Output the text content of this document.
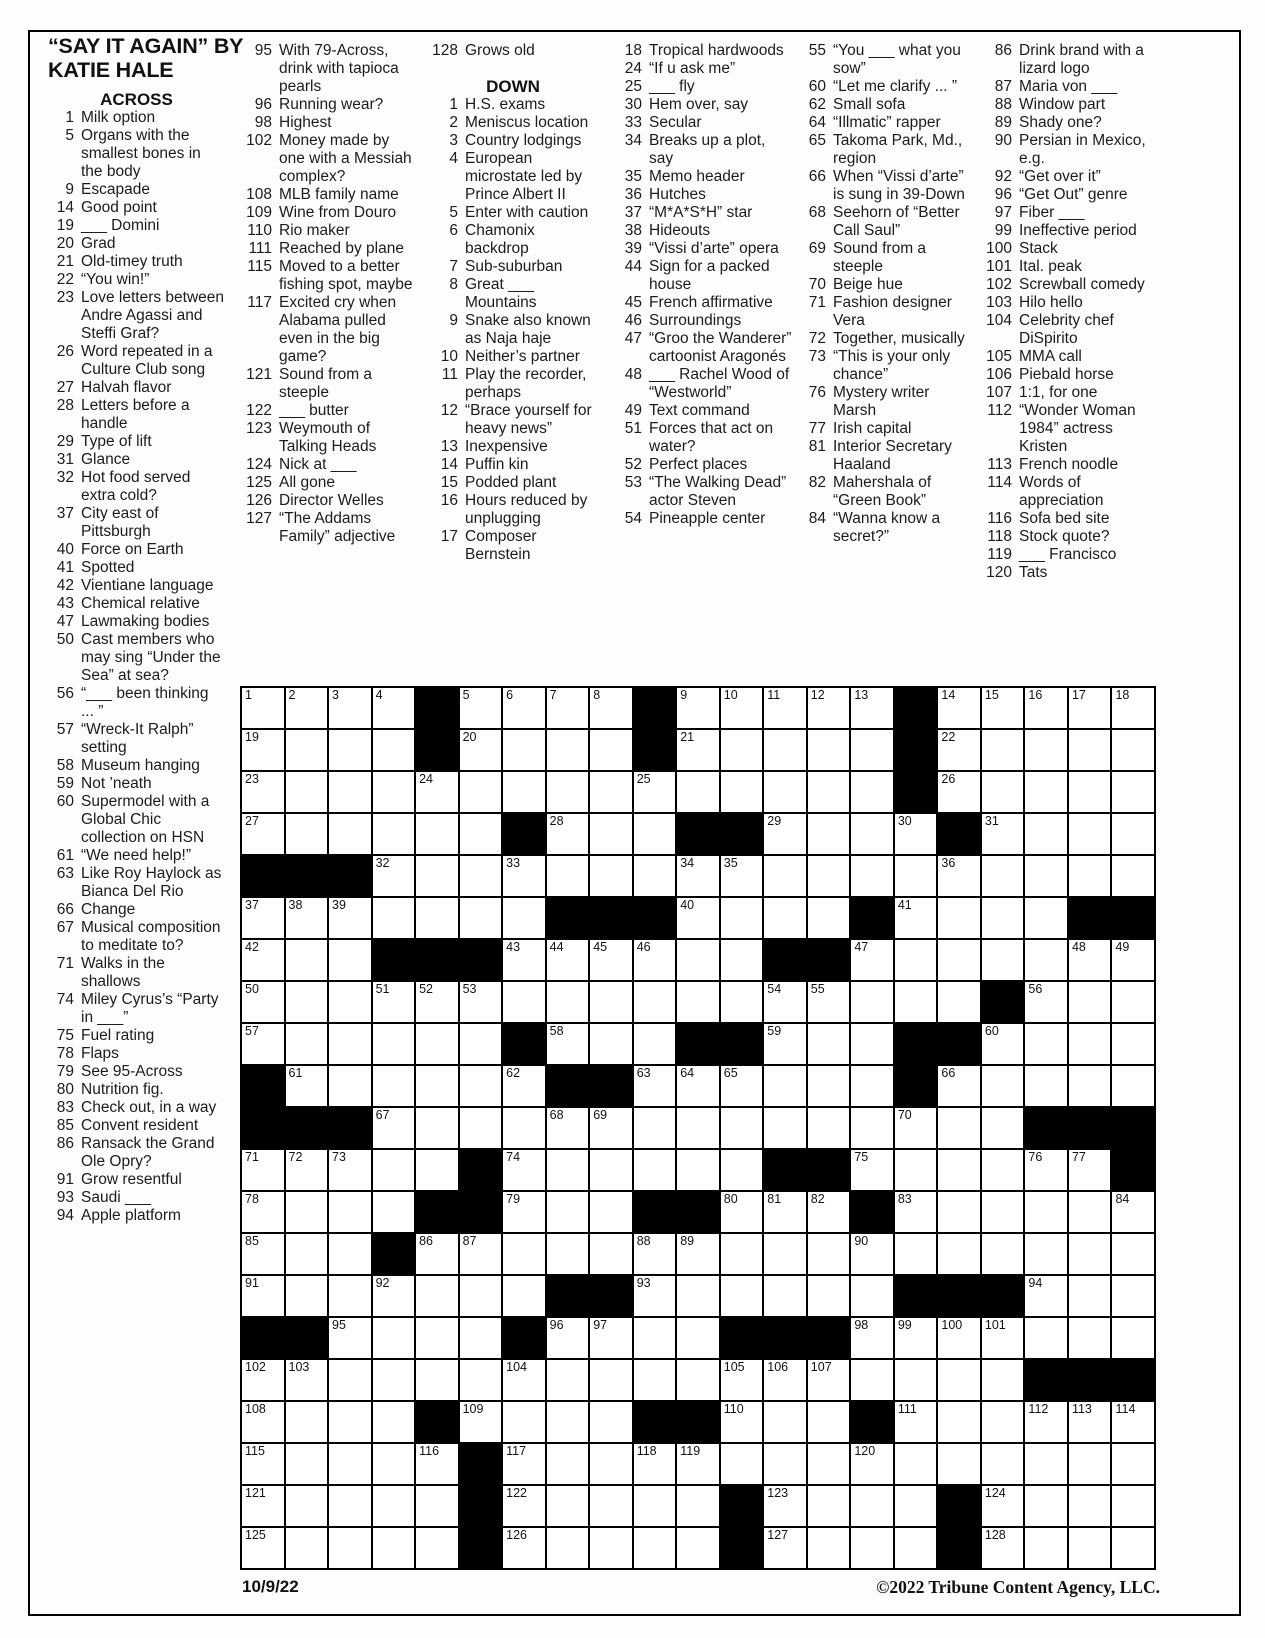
“SAY IT AGAIN” BY
KATIE HALE
ACROSS
1 Milk option
5 Organs with the smallest bones in the body
9 Escapade
14 Good point
19 ___ Domini
20 Grad
21 Old-timey truth
22 “You win!”
23 Love letters between Andre Agassi and Steffi Graf?
26 Word repeated in a Culture Club song
27 Halvah flavor
28 Letters before a handle
29 Type of lift
31 Glance
32 Hot food served extra cold?
37 City east of Pittsburgh
40 Force on Earth
41 Spotted
42 Vientiane language
43 Chemical relative
47 Lawmaking bodies
50 Cast members who may sing “Under the Sea” at sea?
56 “___ been thinking ... ”
57 “Wreck-It Ralph” setting
58 Museum hanging
59 Not ’neath
60 Supermodel with a Global Chic collection on HSN
61 “We need help!”
63 Like Roy Haylock as Bianca Del Rio
66 Change
67 Musical composition to meditate to?
71 Walks in the shallows
74 Miley Cyrus’s “Party in ___”
75 Fuel rating
78 Flaps
79 See 95-Across
80 Nutrition fig.
83 Check out, in a way
85 Convent resident
86 Ransack the Grand Ole Opry?
91 Grow resentful
93 Saudi ___
94 Apple platform
95 With 79-Across, drink with tapioca pearls
96 Running wear?
98 Highest
102 Money made by one with a Messiah complex?
108 MLB family name
109 Wine from Douro
110 Rio maker
111 Reached by plane
115 Moved to a better fishing spot, maybe
117 Excited cry when Alabama pulled even in the big game?
121 Sound from a steeple
122 ___ butter
123 Weymouth of Talking Heads
124 Nick at ___
125 All gone
126 Director Welles
127 “The Addams Family” adjective
128 Grows old
DOWN
1 H.S. exams
2 Meniscus location
3 Country lodgings
4 European microstate led by Prince Albert II
5 Enter with caution
6 Chamonix backdrop
7 Sub-suburban
8 Great ___ Mountains
9 Snake also known as Naja haje
10 Neither’s partner
11 Play the recorder, perhaps
12 “Brace yourself for heavy news”
13 Inexpensive
14 Puffin kin
15 Podded plant
16 Hours reduced by unplugging
17 Composer Bernstein
18 Tropical hardwoods
24 “If u ask me”
25 ___ fly
30 Hem over, say
33 Secular
34 Breaks up a plot, say
35 Memo header
36 Hutches
37 “M*A*S*H” star
38 Hideouts
39 “Vissi d’arte” opera
44 Sign for a packed house
45 French affirmative
46 Surroundings
47 “Groo the Wanderer” cartoonist Aragonés
48 ___ Rachel Wood of “Westworld”
49 Text command
51 Forces that act on water?
52 Perfect places
53 “The Walking Dead” actor Steven
54 Pineapple center
55 “You ___ what you sow”
60 “Let me clarify ... ”
62 Small sofa
64 “Illmatic” rapper
65 Takoma Park, Md., region
66 When “Vissi d’arte” is sung in 39-Down
68 Seehorn of “Better Call Saul”
69 Sound from a steeple
70 Beige hue
71 Fashion designer Vera
72 Together, musically
73 “This is your only chance”
76 Mystery writer Marsh
77 Irish capital
81 Interior Secretary Haaland
82 Mahershala of “Green Book”
84 “Wanna know a secret?”
86 Drink brand with a lizard logo
87 Maria von ___
88 Window part
89 Shady one?
90 Persian in Mexico, e.g.
92 “Get over it”
96 “Get Out” genre
97 Fiber ___
99 Ineffective period
100 Stack
101 Ital. peak
102 Screwball comedy
103 Hilo hello
104 Celebrity chef DiSpirito
105 MMA call
106 Piebald horse
107 1:1, for one
112 “Wonder Woman 1984” actress Kristen
113 French noodle
114 Words of appreciation
116 Sofa bed site
118 Stock quote?
119 ___ Francisco
120 Tats
1	2	3	4	5	6	7	8	9	10 11 12 13	14 15 16 17 18
19	20	21	22
23	24	25	26
27	28	29	30	31
32	33	34 35	36
37 38 39	40	41
42	43 44 45 46	47	48 49
50	51 52 53	54 55	56
57	58	59	60
61	62	63 64 65	66
67	68 69	70
71 72 73	74	75	76 77
78	79	80 81 82	83	84
85	86 87	88 89	90
91	92	93	94
95	96 97	98 99 100 101
102 103	104	105 106 107
108	109	110	111	112 113 114
115	116	117	118 119	120
121	122	123	124
125	126	127	128
10/9/22	©2022 Tribune Content Agency, LLC.
